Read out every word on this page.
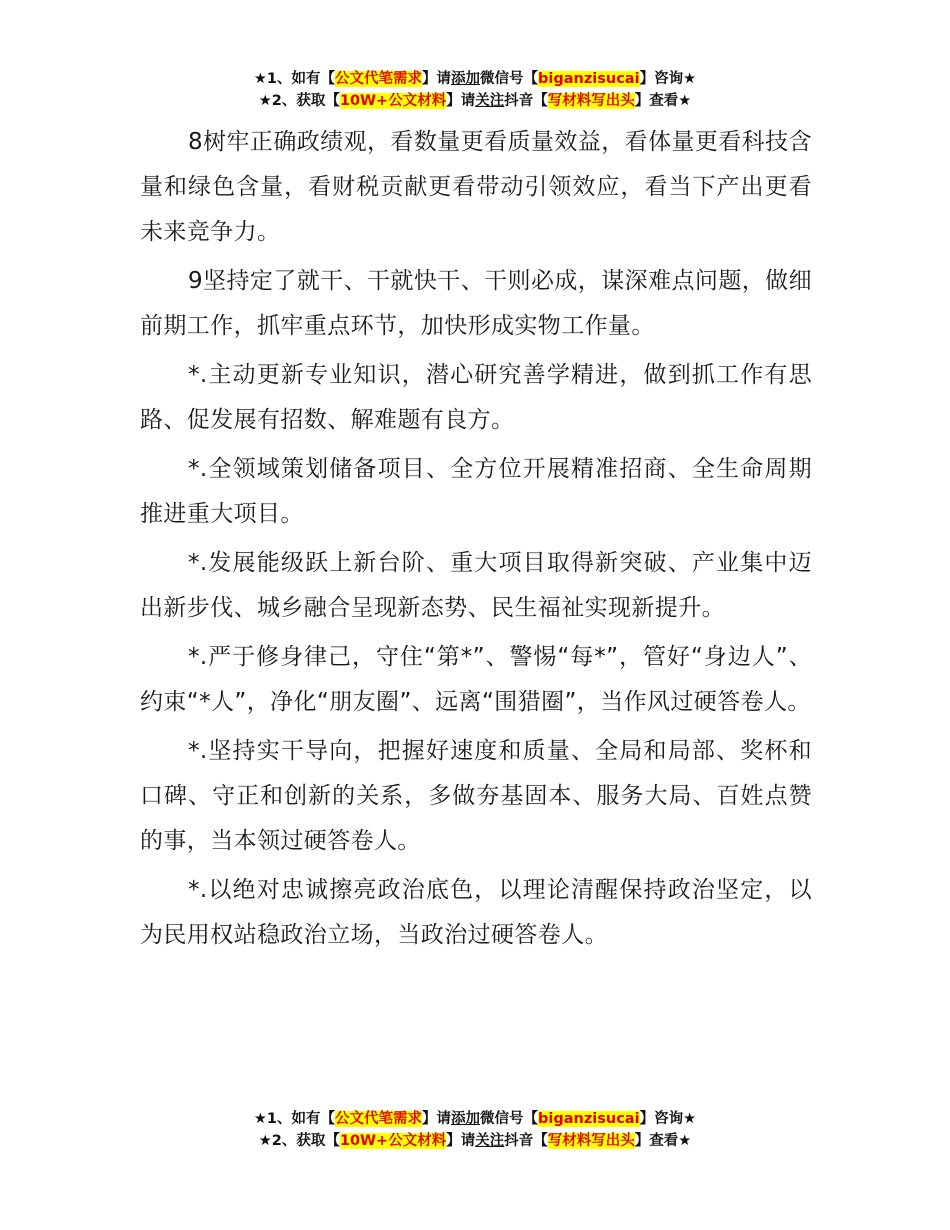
★1、如有【公文代笔需求】请添加微信号【biganzisucai】咨询★
★2、获取【10W+公文材料】请关注抖音【写材料写出头】查看★

8树牢正确政绩观，看数量更看质量效益，看体量更看科技含量和绿色含量，看财税贡献更看带动引领效应，看当下产出更看未来竞争力。

9坚持定了就干、干就快干、干则必成，谋深难点问题，做细前期工作，抓牢重点环节，加快形成实物工作量。

*.主动更新专业知识，潜心研究善学精进，做到抓工作有思路、促发展有招数、解难题有良方。

*.全领域策划储备项目、全方位开展精准招商、全生命周期推进重大项目。

*.发展能级跃上新台阶、重大项目取得新突破、产业集中迈出新步伐、城乡融合呈现新态势、民生福祉实现新提升。

*.严于修身律己，守住“第*”、警惕“每*”，管好“身边人”、约束“*人”，净化“朋友圈”、远离“围猎圈”，当作风过硬答卷人。

*.坚持实干导向，把握好速度和质量、全局和局部、奖杯和口碑、守正和创新的关系，多做夯基固本、服务大局、百姓点赞的事，当本领过硬答卷人。

*.以绝对忠诚擦亮政治底色，以理论清醒保持政治坚定，以为民用权站稳政治立场，当政治过硬答卷人。

★1、如有【公文代笔需求】请添加微信号【biganzisucai】咨询★
★2、获取【10W+公文材料】请关注抖音【写材料写出头】查看★
